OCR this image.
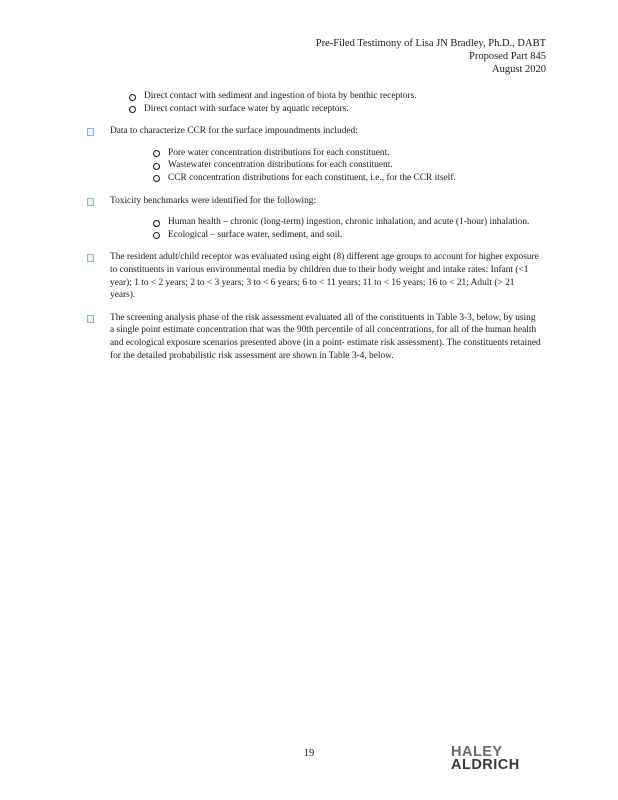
Pre-Filed Testimony of Lisa JN Bradley, Ph.D., DABT
Proposed Part 845
August 2020
Direct contact with sediment and ingestion of biota by benthic receptors.
Direct contact with surface water by aquatic receptors.
Data to characterize CCR for the surface impoundments included:
Pore water concentration distributions for each constituent.
Wastewater concentration distributions for each constituent.
CCR concentration distributions for each constituent, i.e., for the CCR itself.
Toxicity benchmarks were identified for the following:
Human health – chronic (long-term) ingestion, chronic inhalation, and acute (1-hour) inhalation.
Ecological – surface water, sediment, and soil.
The resident adult/child receptor was evaluated using eight (8) different age groups to account for higher exposure to constituents in various environmental media by children due to their body weight and intake rates: Infant (<1 year); 1 to < 2 years; 2 to < 3 years; 3 to < 6 years; 6 to < 11 years; 11 to < 16 years; 16 to < 21; Adult (> 21 years).
The screening analysis phase of the risk assessment evaluated all of the constituents in Table 3-3, below, by using a single point estimate concentration that was the 90th percentile of all concentrations, for all of the human health and ecological exposure scenarios presented above (in a point- estimate risk assessment). The constituents retained for the detailed probabilistic risk assessment are shown in Table 3-4, below.
19	HALEY
ALDRICH
